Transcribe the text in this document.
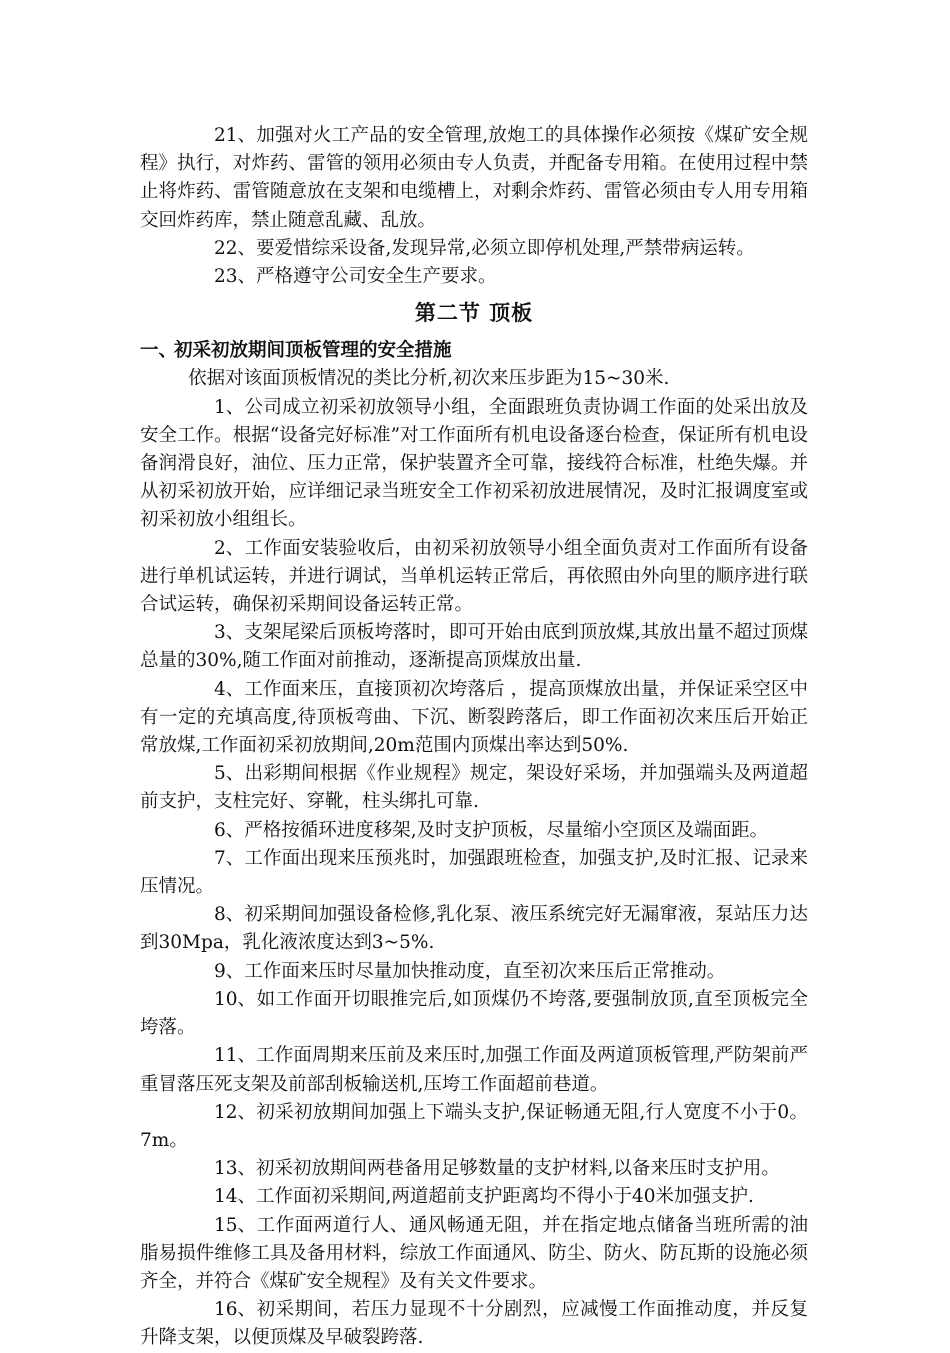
21、加强对火工产品的安全管理,放炮工的具体操作必须按《煤矿安全规程》执行，对炸药、雷管的领用必须由专人负责，并配备专用箱。在使用过程中禁止将炸药、雷管随意放在支架和电缆槽上，对剩余炸药、雷管必须由专人用专用箱交回炸药库，禁止随意乱藏、乱放。

22、要爱惜综采设备,发现异常,必须立即停机处理,严禁带病运转。

23、严格遵守公司安全生产要求。

第二节 顶板
一、初采初放期间顶板管理的安全措施

依据对该面顶板情况的类比分析,初次来压步距为15~30米.

1、公司成立初采初放领导小组，全面跟班负责协调工作面的处采出放及安全工作。根据“设备完好标准”对工作面所有机电设备逐台检查，保证所有机电设备润滑良好，油位、压力正常，保护装置齐全可靠，接线符合标准，杜绝失爆。并从初采初放开始，应详细记录当班安全工作初采初放进展情况，及时汇报调度室或初采初放小组组长。

2、工作面安装验收后，由初采初放领导小组全面负责对工作面所有设备进行单机试运转，并进行调试，当单机运转正常后，再依照由外向里的顺序进行联合试运转，确保初采期间设备运转正常。

3、支架尾梁后顶板垮落时，即可开始由底到顶放煤,其放出量不超过顶煤总量的30%,随工作面对前推动，逐渐提高顶煤放出量.

4、工作面来压，直接顶初次垮落后 ，提高顶煤放出量，并保证采空区中有一定的充填高度,待顶板弯曲、下沉、断裂跨落后，即工作面初次来压后开始正常放煤,工作面初采初放期间,20m范围内顶煤出率达到50%.

5、出彩期间根据《作业规程》规定，架设好采场，并加强端头及两道超前支护，支柱完好、穿靴，柱头绑扎可靠.

6、严格按循环进度移架,及时支护顶板，尽量缩小空顶区及端面距。

7、工作面出现来压预兆时，加强跟班检查，加强支护,及时汇报、记录来压情况。

8、初采期间加强设备检修,乳化泵、液压系统完好无漏窜液，泵站压力达到30Mpa，乳化液浓度达到3~5%.

9、工作面来压时尽量加快推动度，直至初次来压后正常推动。

10、如工作面开切眼推完后,如顶煤仍不垮落,要强制放顶,直至顶板完全垮落。

11、工作面周期来压前及来压时,加强工作面及两道顶板管理,严防架前严重冒落压死支架及前部刮板输送机,压垮工作面超前巷道。

12、初采初放期间加强上下端头支护,保证畅通无阻,行人宽度不小于0。7m。

13、初采初放期间两巷备用足够数量的支护材料,以备来压时支护用。

14、工作面初采期间,两道超前支护距离均不得小于40米加强支护.

15、工作面两道行人、通风畅通无阻，并在指定地点储备当班所需的油脂易损件维修工具及备用材料，综放工作面通风、防尘、防火、防瓦斯的设施必须齐全，并符合《煤矿安全规程》及有关文件要求。

16、初采期间，若压力显现不十分剧烈，应减慢工作面推动度，并反复升降支架，以便顶煤及早破裂跨落.
